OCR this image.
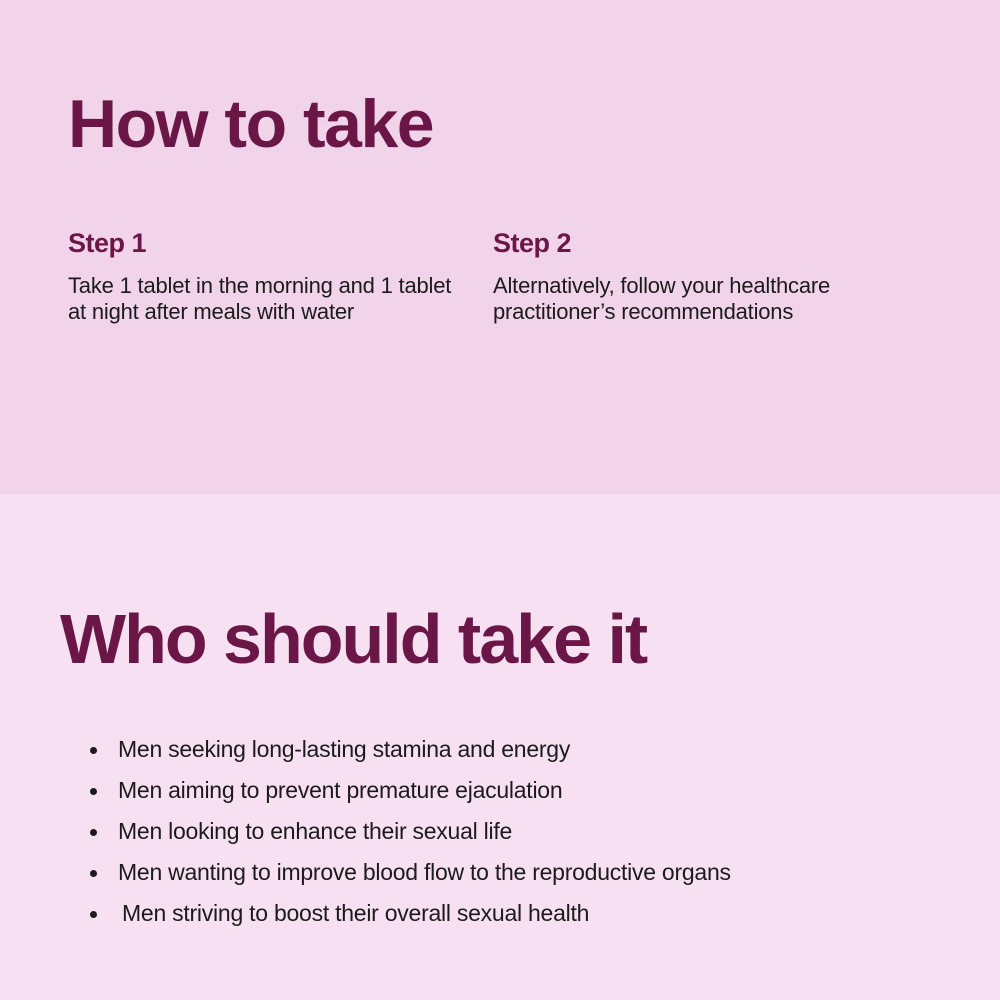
How to take
Step 1

Take 1 tablet in the morning and 1 tablet at night after meals with water

Step 2

Alternatively, follow your healthcare practitioner’s recommendations

Who should take it
Men seeking long-lasting stamina and energy
Men aiming to prevent premature ejaculation
Men looking to enhance their sexual life
Men wanting to improve blood flow to the reproductive organs
Men striving to boost their overall sexual health
